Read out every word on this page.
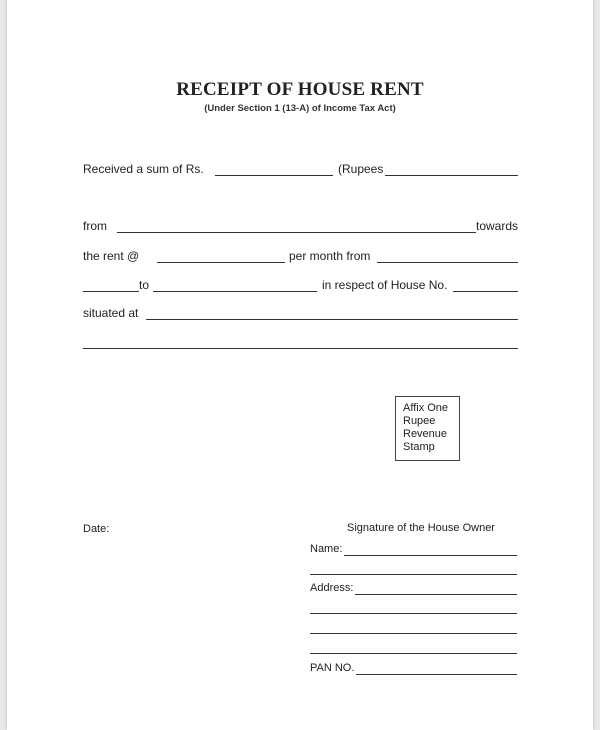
RECEIPT OF HOUSE RENT
(Under Section 1 (13-A) of Income Tax Act)
Received a sum of Rs.	(Rupees
from	towards
the rent @	per month from
to	in respect of House No.
situated at
Affix One
Rupee
Revenue
Stamp
Date:	Signature of the House Owner
Name:
Address:
PAN NO.
